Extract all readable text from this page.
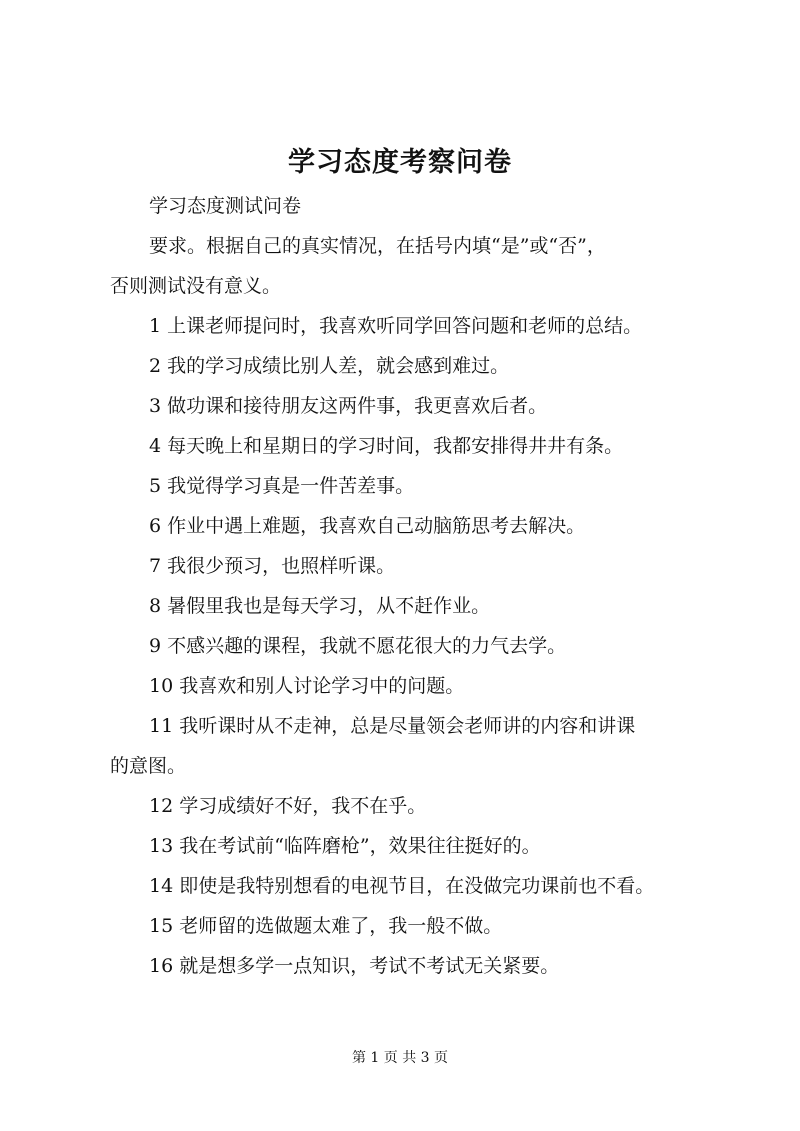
学习态度考察问卷

学习态度测试问卷

要求。根据自己的真实情况，在括号内填“是”或“否”，

否则测试没有意义。

1 上课老师提问时，我喜欢听同学回答问题和老师的总结。

2 我的学习成绩比别人差，就会感到难过。

3 做功课和接待朋友这两件事，我更喜欢后者。

4 每天晚上和星期日的学习时间，我都安排得井井有条。

5 我觉得学习真是一件苦差事。

6 作业中遇上难题，我喜欢自己动脑筋思考去解决。

7 我很少预习，也照样听课。

8 暑假里我也是每天学习，从不赶作业。

9 不感兴趣的课程，我就不愿花很大的力气去学。

10 我喜欢和别人讨论学习中的问题。

11 我听课时从不走神，总是尽量领会老师讲的内容和讲课

的意图。

12 学习成绩好不好，我不在乎。

13 我在考试前“临阵磨枪”，效果往往挺好的。

14 即使是我特别想看的电视节目，在没做完功课前也不看。

15 老师留的选做题太难了，我一般不做。

16 就是想多学一点知识，考试不考试无关紧要。

第 1 页 共 3 页
